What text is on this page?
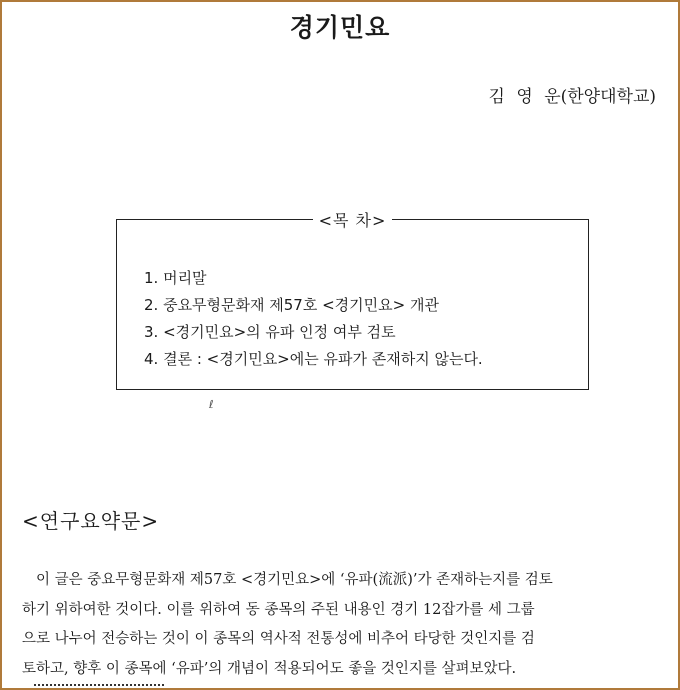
경기민요
김 영 운(한양대학교)
<목 차>
1. 머리말
2. 중요무형문화재 제57호 <경기민요> 개관
3. <경기민요>의 유파 인정 여부 검토
4. 결론 : <경기민요>에는 유파가 존재하지 않는다.
ℓ
<연구요약문>

이 글은 중요무형문화재 제57호 <경기민요>에 ‘유파(流派)’가 존재하는지를 검토
하기 위하여한 것이다. 이를 위하여 동 종목의 주된 내용인 경기 12잡가를 세 그룹
으로 나누어 전승하는 것이 이 종목의 역사적 전통성에 비추어 타당한 것인지를 검
토하고, 향후 이 종목에 ‘유파’의 개념이 적용되어도 좋을 것인지를 살펴보았다.
